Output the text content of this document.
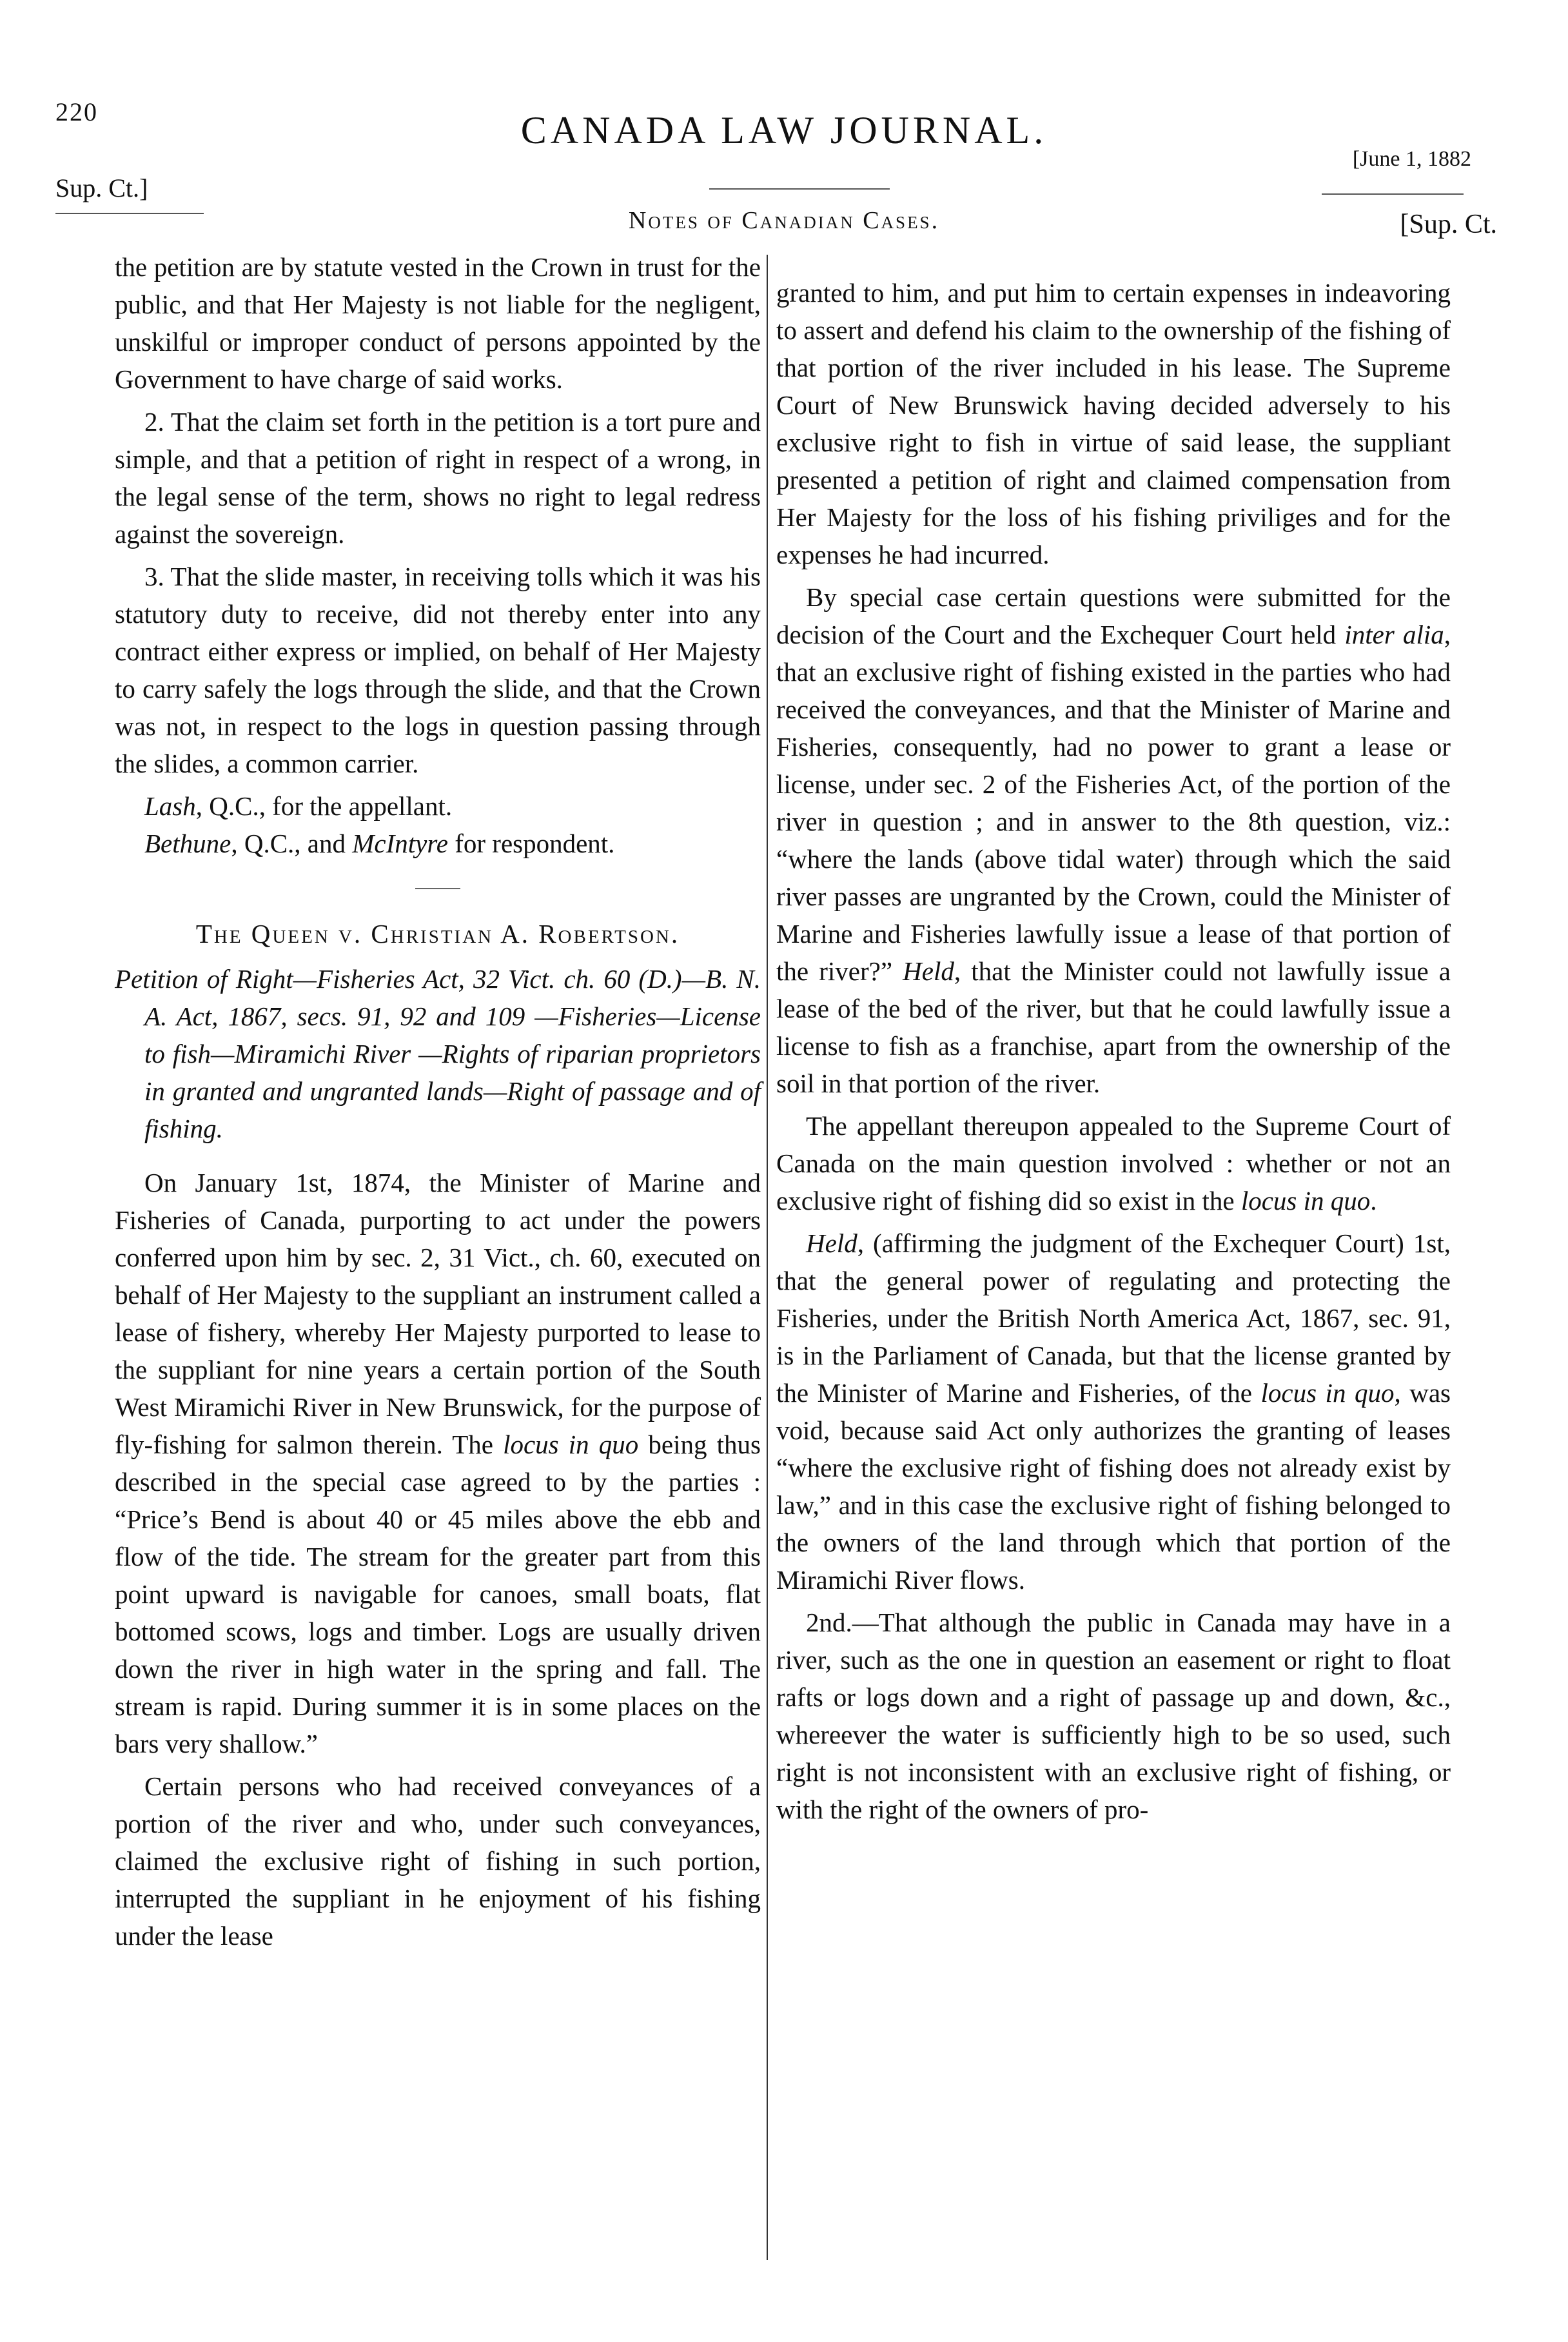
220	CANADA LAW JOURNAL.
[June 1, 1882
Sup. Ct.]
Notes of Canadian Cases.	[Sup. Ct.

the petition are by statute vested in the Crown in trust for the public, and that Her Majesty is not liable for the negligent, unskilful or improper conduct of persons appointed by the Government to have charge of said works.

2. That the claim set forth in the petition is a tort pure and simple, and that a petition of right in respect of a wrong, in the legal sense of the term, shows no right to legal redress against the sovereign.

3. That the slide master, in receiving tolls which it was his statutory duty to receive, did not thereby enter into any contract either express or implied, on behalf of Her Majesty to carry safely the logs through the slide, and that the Crown was not, in respect to the logs in question passing through the slides, a common carrier.

Lash, Q.C., for the appellant.
Bethune, Q.C., and McIntyre for respondent.
The Queen v. Christian A. Robertson.
Petition of Right—Fisheries Act, 32 Vict. ch. 60 (D.)—B. N. A. Act, 1867, secs. 91, 92 and 109 —Fisheries—License to fish—Miramichi River —Rights of riparian proprietors in granted and ungranted lands—Right of passage and of fishing.

On January 1st, 1874, the Minister of Marine and Fisheries of Canada, purporting to act under the powers conferred upon him by sec. 2, 31 Vict., ch. 60, executed on behalf of Her Majesty to the suppliant an instrument called a lease of fishery, whereby Her Majesty purported to lease to the suppliant for nine years a certain portion of the South West Miramichi River in New Brunswick, for the purpose of fly-fishing for salmon therein. The locus in quo being thus described in the special case agreed to by the parties : “Price’s Bend is about 40 or 45 miles above the ebb and flow of the tide. The stream for the greater part from this point upward is navigable for canoes, small boats, flat bottomed scows, logs and timber. Logs are usually driven down the river in high water in the spring and fall. The stream is rapid. During summer it is in some places on the bars very shallow.”

Certain persons who had received conveyances of a portion of the river and who, under such conveyances, claimed the exclusive right of fishing in such portion, interrupted the suppliant in he enjoyment of his fishing under the lease

granted to him, and put him to certain expenses in indeavoring to assert and defend his claim to the ownership of the fishing of that portion of the river included in his lease. The Supreme Court of New Brunswick having decided adversely to his exclusive right to fish in virtue of said lease, the suppliant presented a petition of right and claimed compensation from Her Majesty for the loss of his fishing priviliges and for the expenses he had incurred.

By special case certain questions were submitted for the decision of the Court and the Exchequer Court held inter alia, that an exclusive right of fishing existed in the parties who had received the conveyances, and that the Minister of Marine and Fisheries, consequently, had no power to grant a lease or license, under sec. 2 of the Fisheries Act, of the portion of the river in question ; and in answer to the 8th question, viz.: “where the lands (above tidal water) through which the said river passes are ungranted by the Crown, could the Minister of Marine and Fisheries lawfully issue a lease of that portion of the river?” Held, that the Minister could not lawfully issue a lease of the bed of the river, but that he could lawfully issue a license to fish as a franchise, apart from the ownership of the soil in that portion of the river.

The appellant thereupon appealed to the Supreme Court of Canada on the main question involved : whether or not an exclusive right of fishing did so exist in the locus in quo.

Held, (affirming the judgment of the Exchequer Court) 1st, that the general power of regulating and protecting the Fisheries, under the British North America Act, 1867, sec. 91, is in the Parliament of Canada, but that the license granted by the Minister of Marine and Fisheries, of the locus in quo, was void, because said Act only authorizes the granting of leases “where the exclusive right of fishing does not already exist by law,” and in this case the exclusive right of fishing belonged to the owners of the land through which that portion of the Miramichi River flows.

2nd.—That although the public in Canada may have in a river, such as the one in question an easement or right to float rafts or logs down and a right of passage up and down, &c., whereever the water is sufficiently high to be so used, such right is not inconsistent with an exclusive right of fishing, or with the right of the owners of pro-
